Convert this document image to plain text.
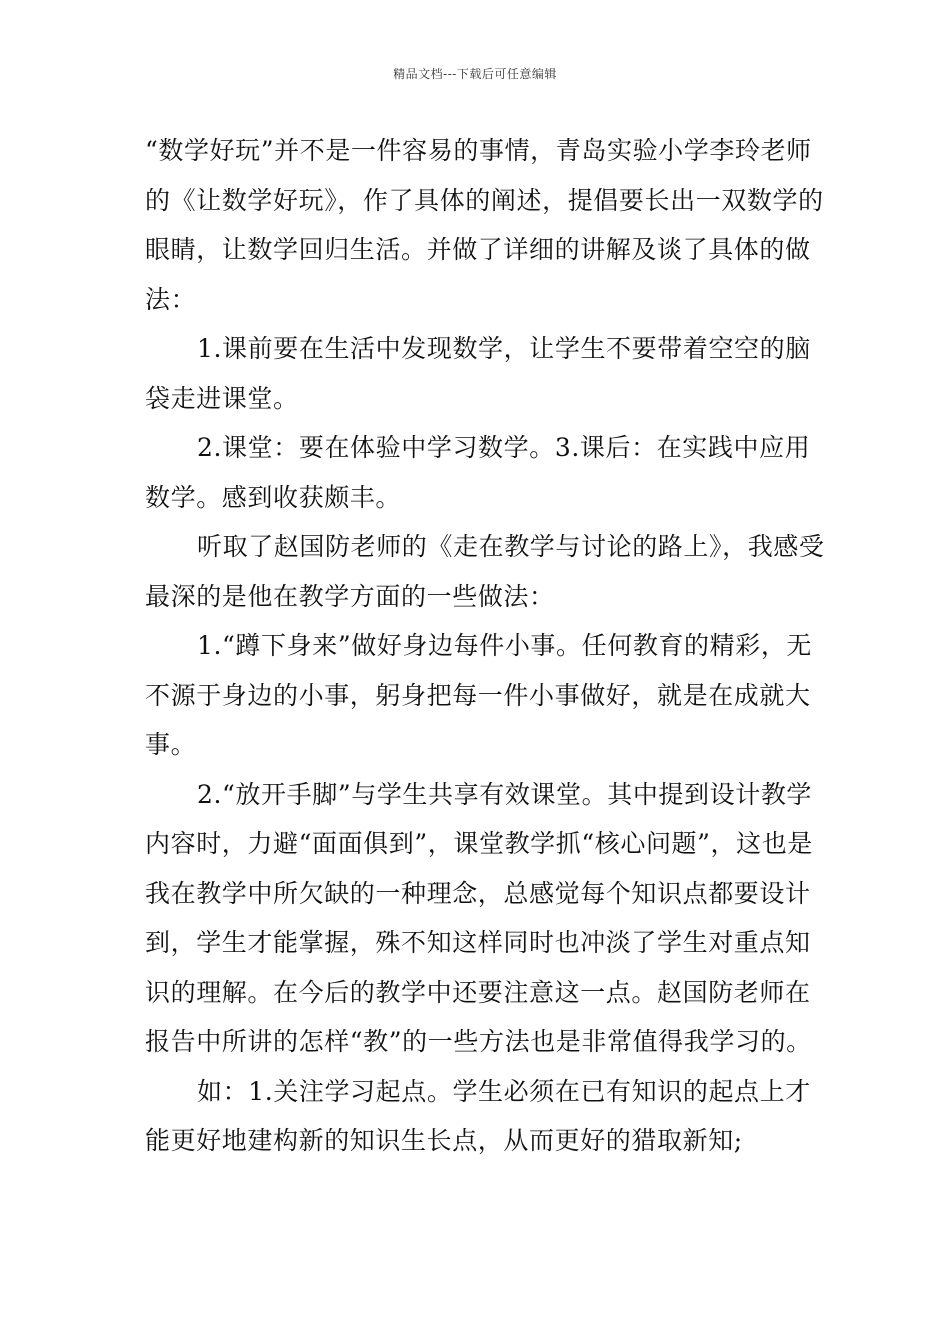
精品文档---下载后可任意编辑

“数学好玩”并不是一件容易的事情，青岛实验小学李玲老师的《让数学好玩》，作了具体的阐述，提倡要长出一双数学的眼睛，让数学回归生活。并做了详细的讲解及谈了具体的做法：

1.课前要在生活中发现数学，让学生不要带着空空的脑袋走进课堂。

2.课堂：要在体验中学习数学。3.课后：在实践中应用数学。感到收获颇丰。

听取了赵国防老师的《走在教学与讨论的路上》，我感受最深的是他在教学方面的一些做法：

1.“蹲下身来”做好身边每件小事。任何教育的精彩，无不源于身边的小事，躬身把每一件小事做好，就是在成就大事。

2.“放开手脚”与学生共享有效课堂。其中提到设计教学内容时，力避“面面俱到”，课堂教学抓“核心问题”，这也是我在教学中所欠缺的一种理念，总感觉每个知识点都要设计到，学生才能掌握，殊不知这样同时也冲淡了学生对重点知识的理解。在今后的教学中还要注意这一点。赵国防老师在报告中所讲的怎样“教”的一些方法也是非常值得我学习的。

如：1.关注学习起点。学生必须在已有知识的起点上才能更好地建构新的知识生长点，从而更好的猎取新知;
